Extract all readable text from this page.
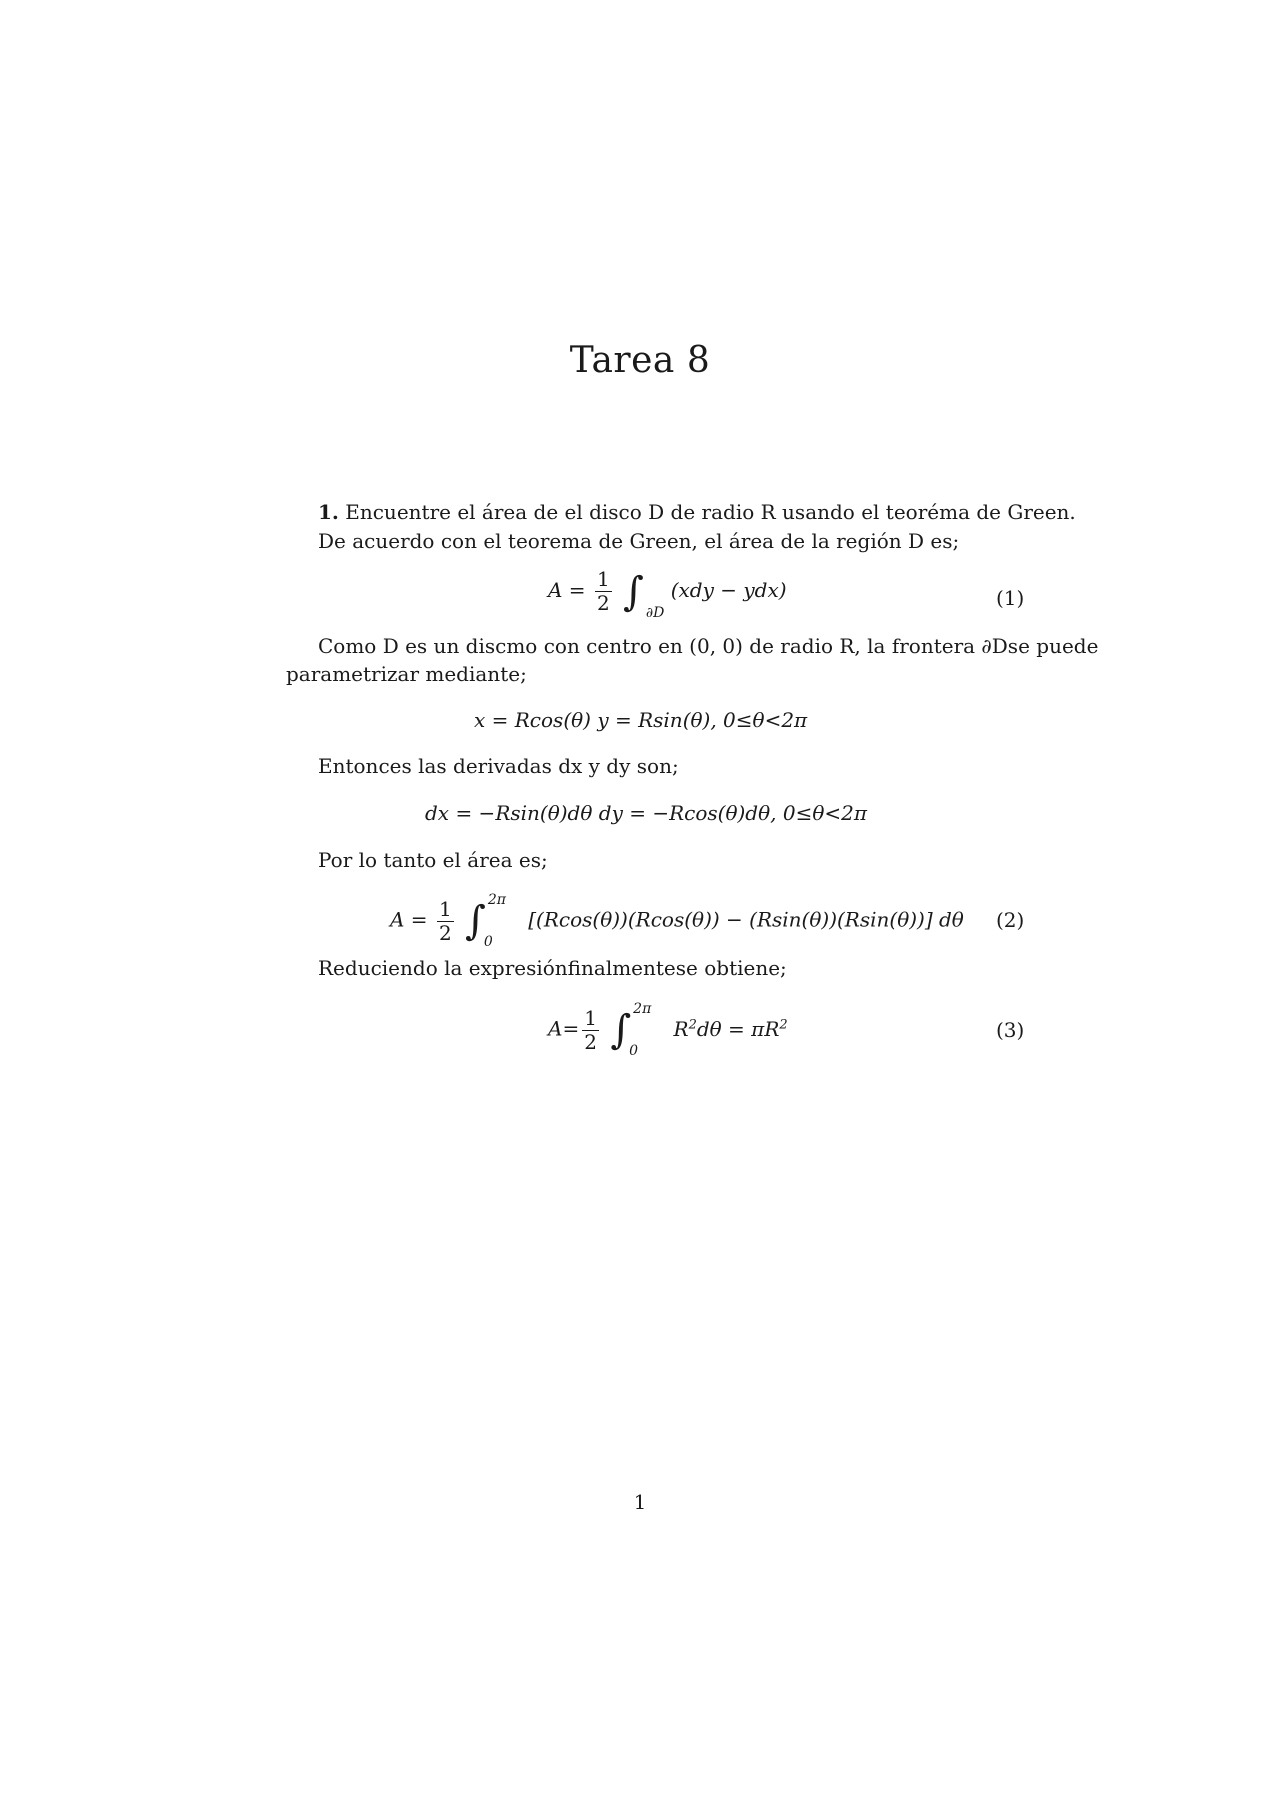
Tarea 8
1. Encuentre el área de el disco D de radio R usando el teoréma de Green.
De acuerdo con el teorema de Green, el área de la región D es;
$A = \frac{1}{2}$ ∫ $_{\partial D}$ (xdy − ydx)	(1)
Como D es un discmo con centro en (0, 0) de radio R, la frontera ∂Dse puede
parametrizar mediante;
x = Rcos(θ) y = Rsin(θ), 0≤θ<2π
Entonces las derivadas dx y dy son;
dx = −Rsin(θ)dθ dy = −Rcos(θ)dθ, 0≤θ<2π
Por lo tanto el área es;
$A = \frac{1}{2}$ ∫ 2π
0
[(Rcos(θ))(Rcos(θ)) − (Rsin(θ))(Rsin(θ))] dθ (2)
Reduciendo la expresiónfinalmentese obtiene;
$A= \frac{1}{2}$ ∫ 2π
0
$R^2d\theta = \pi R^2$	(3)
1
